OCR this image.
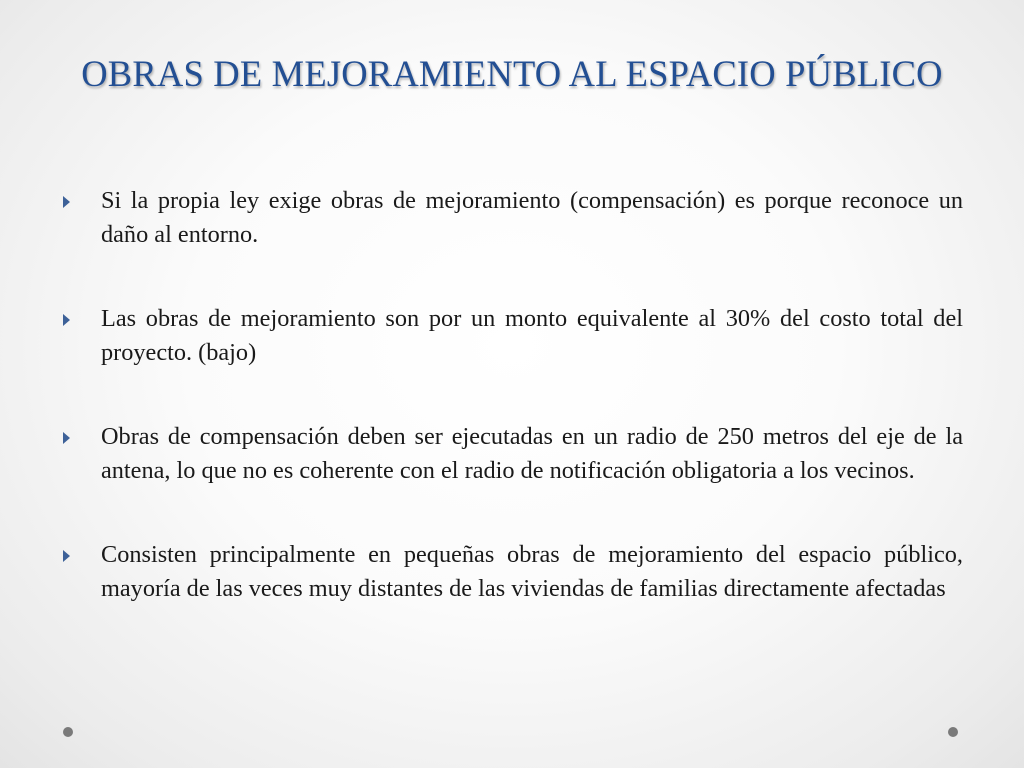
OBRAS DE MEJORAMIENTO AL ESPACIO PÚBLICO
Si la propia ley exige obras de mejoramiento (compensación) es porque reconoce un daño al entorno.
Las obras de mejoramiento son por un monto equivalente al 30% del costo total del proyecto. (bajo)
Obras de compensación deben ser ejecutadas en un radio de 250 metros del eje de la antena, lo que no es coherente con el radio de notificación obligatoria a los vecinos.
Consisten principalmente en pequeñas obras de mejoramiento del espacio público, mayoría de las veces muy distantes de las viviendas de familias directamente afectadas
